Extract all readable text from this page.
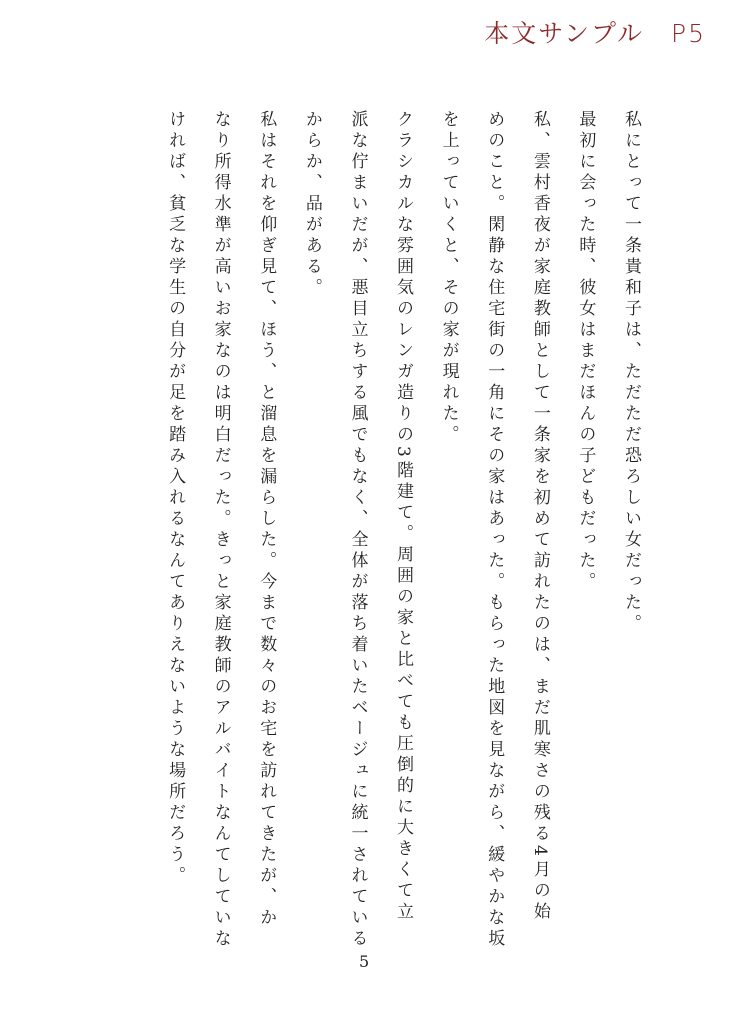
本文サンプル　P5
私にとって一条貴和子は、ただただ恐ろしい女だった。
最初に会った時、彼女はまだほんの子どもだった。
私、雲村香夜が家庭教師として一条家を初めて訪れたのは、まだ肌寒さの残る4月の始
めのこと。閑静な住宅街の一角にその家はあった。もらった地図を見ながら、緩やかな坂
を上っていくと、その家が現れた。
クラシカルな雰囲気のレンガ造りの3階建て。周囲の家と比べても圧倒的に大きくて立
派な佇まいだが、悪目立ちする風でもなく、全体が落ち着いたベージュに統一されている
からか、品がある。
私はそれを仰ぎ見て、ほう、と溜息を漏らした。今まで数々のお宅を訪れてきたが、か
なり所得水準が高いお家なのは明白だった。きっと家庭教師のアルバイトなんてしていな
ければ、貧乏な学生の自分が足を踏み入れるなんてありえないような場所だろう。
5
